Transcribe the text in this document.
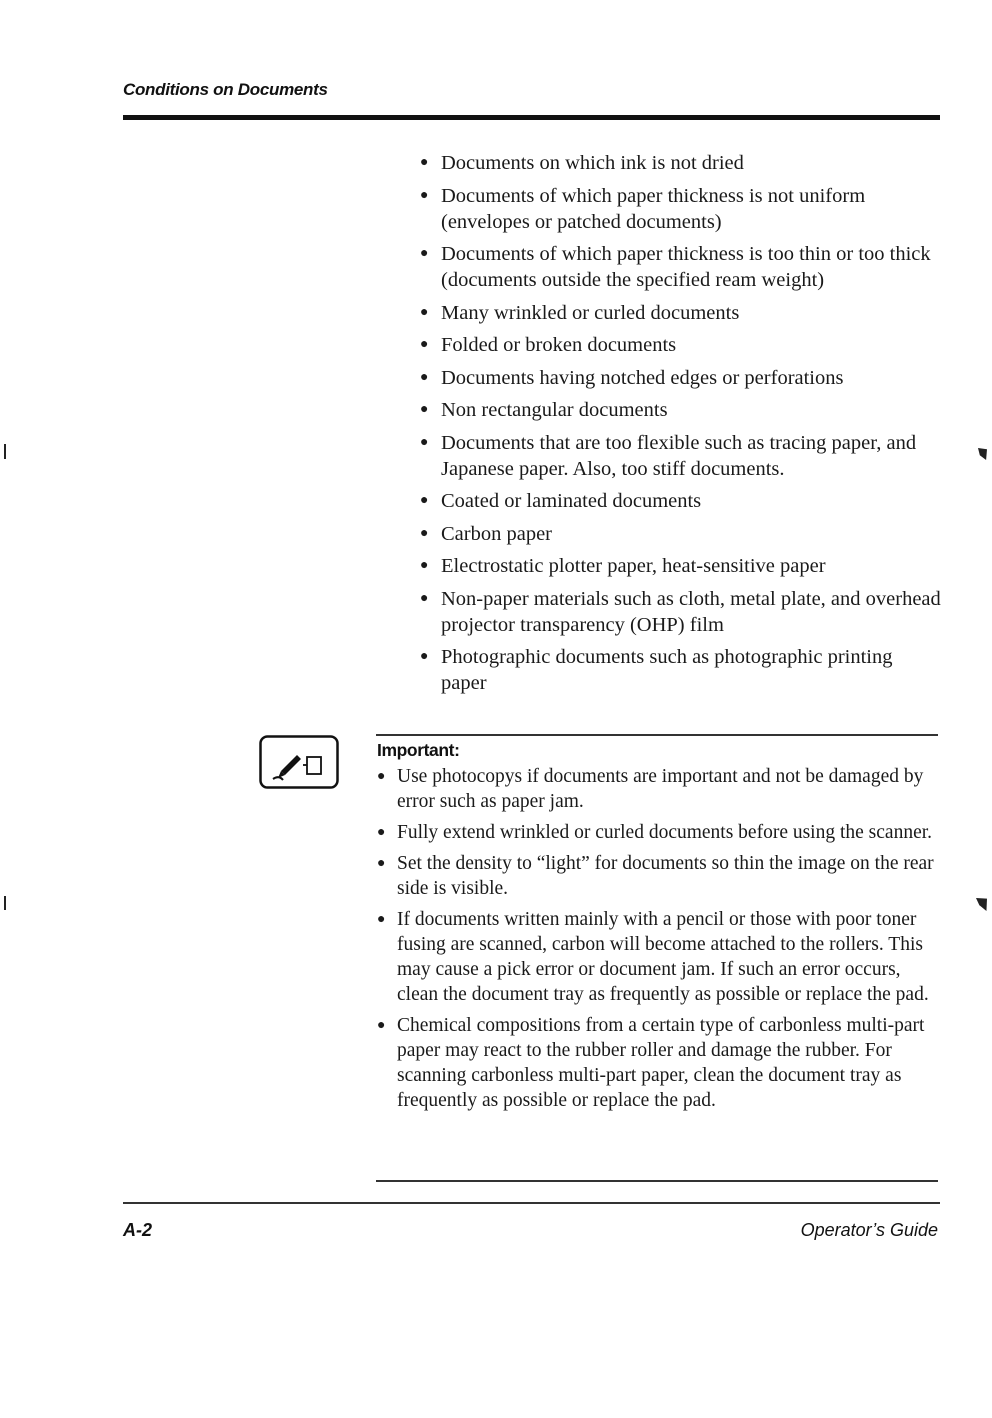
Conditions on Documents
● Documents on which ink is not dried
● Documents of which paper thickness is not uniform (envelopes or patched documents)
● Documents of which paper thickness is too thin or too thick (documents outside the specified ream weight)
● Many wrinkled or curled documents
● Folded or broken documents
● Documents having notched edges or perforations
● Non rectangular documents
● Documents that are too flexible such as tracing paper, and Japanese paper. Also, too stiff documents.
● Coated or laminated documents
● Carbon paper
● Electrostatic plotter paper, heat-sensitive paper
● Non-paper materials such as cloth, metal plate, and overhead projector transparency (OHP) film
● Photographic documents such as photographic printing paper
Important:
● Use photocopys if documents are important and not be damaged by error such as paper jam.
● Fully extend wrinkled or curled documents before using the scanner.
● Set the density to “light” for documents so thin the image on the rear side is visible.
● If documents written mainly with a pencil or those with poor toner fusing are scanned, carbon will become attached to the rollers. This may cause a pick error or document jam. If such an error occurs, clean the document tray as frequently as possible or replace the pad.
● Chemical compositions from a certain type of carbonless multi-part paper may react to the rubber roller and damage the rubber. For scanning carbonless multi-part paper, clean the document tray as frequently as possible or replace the pad.
A-2	Operator’s Guide
